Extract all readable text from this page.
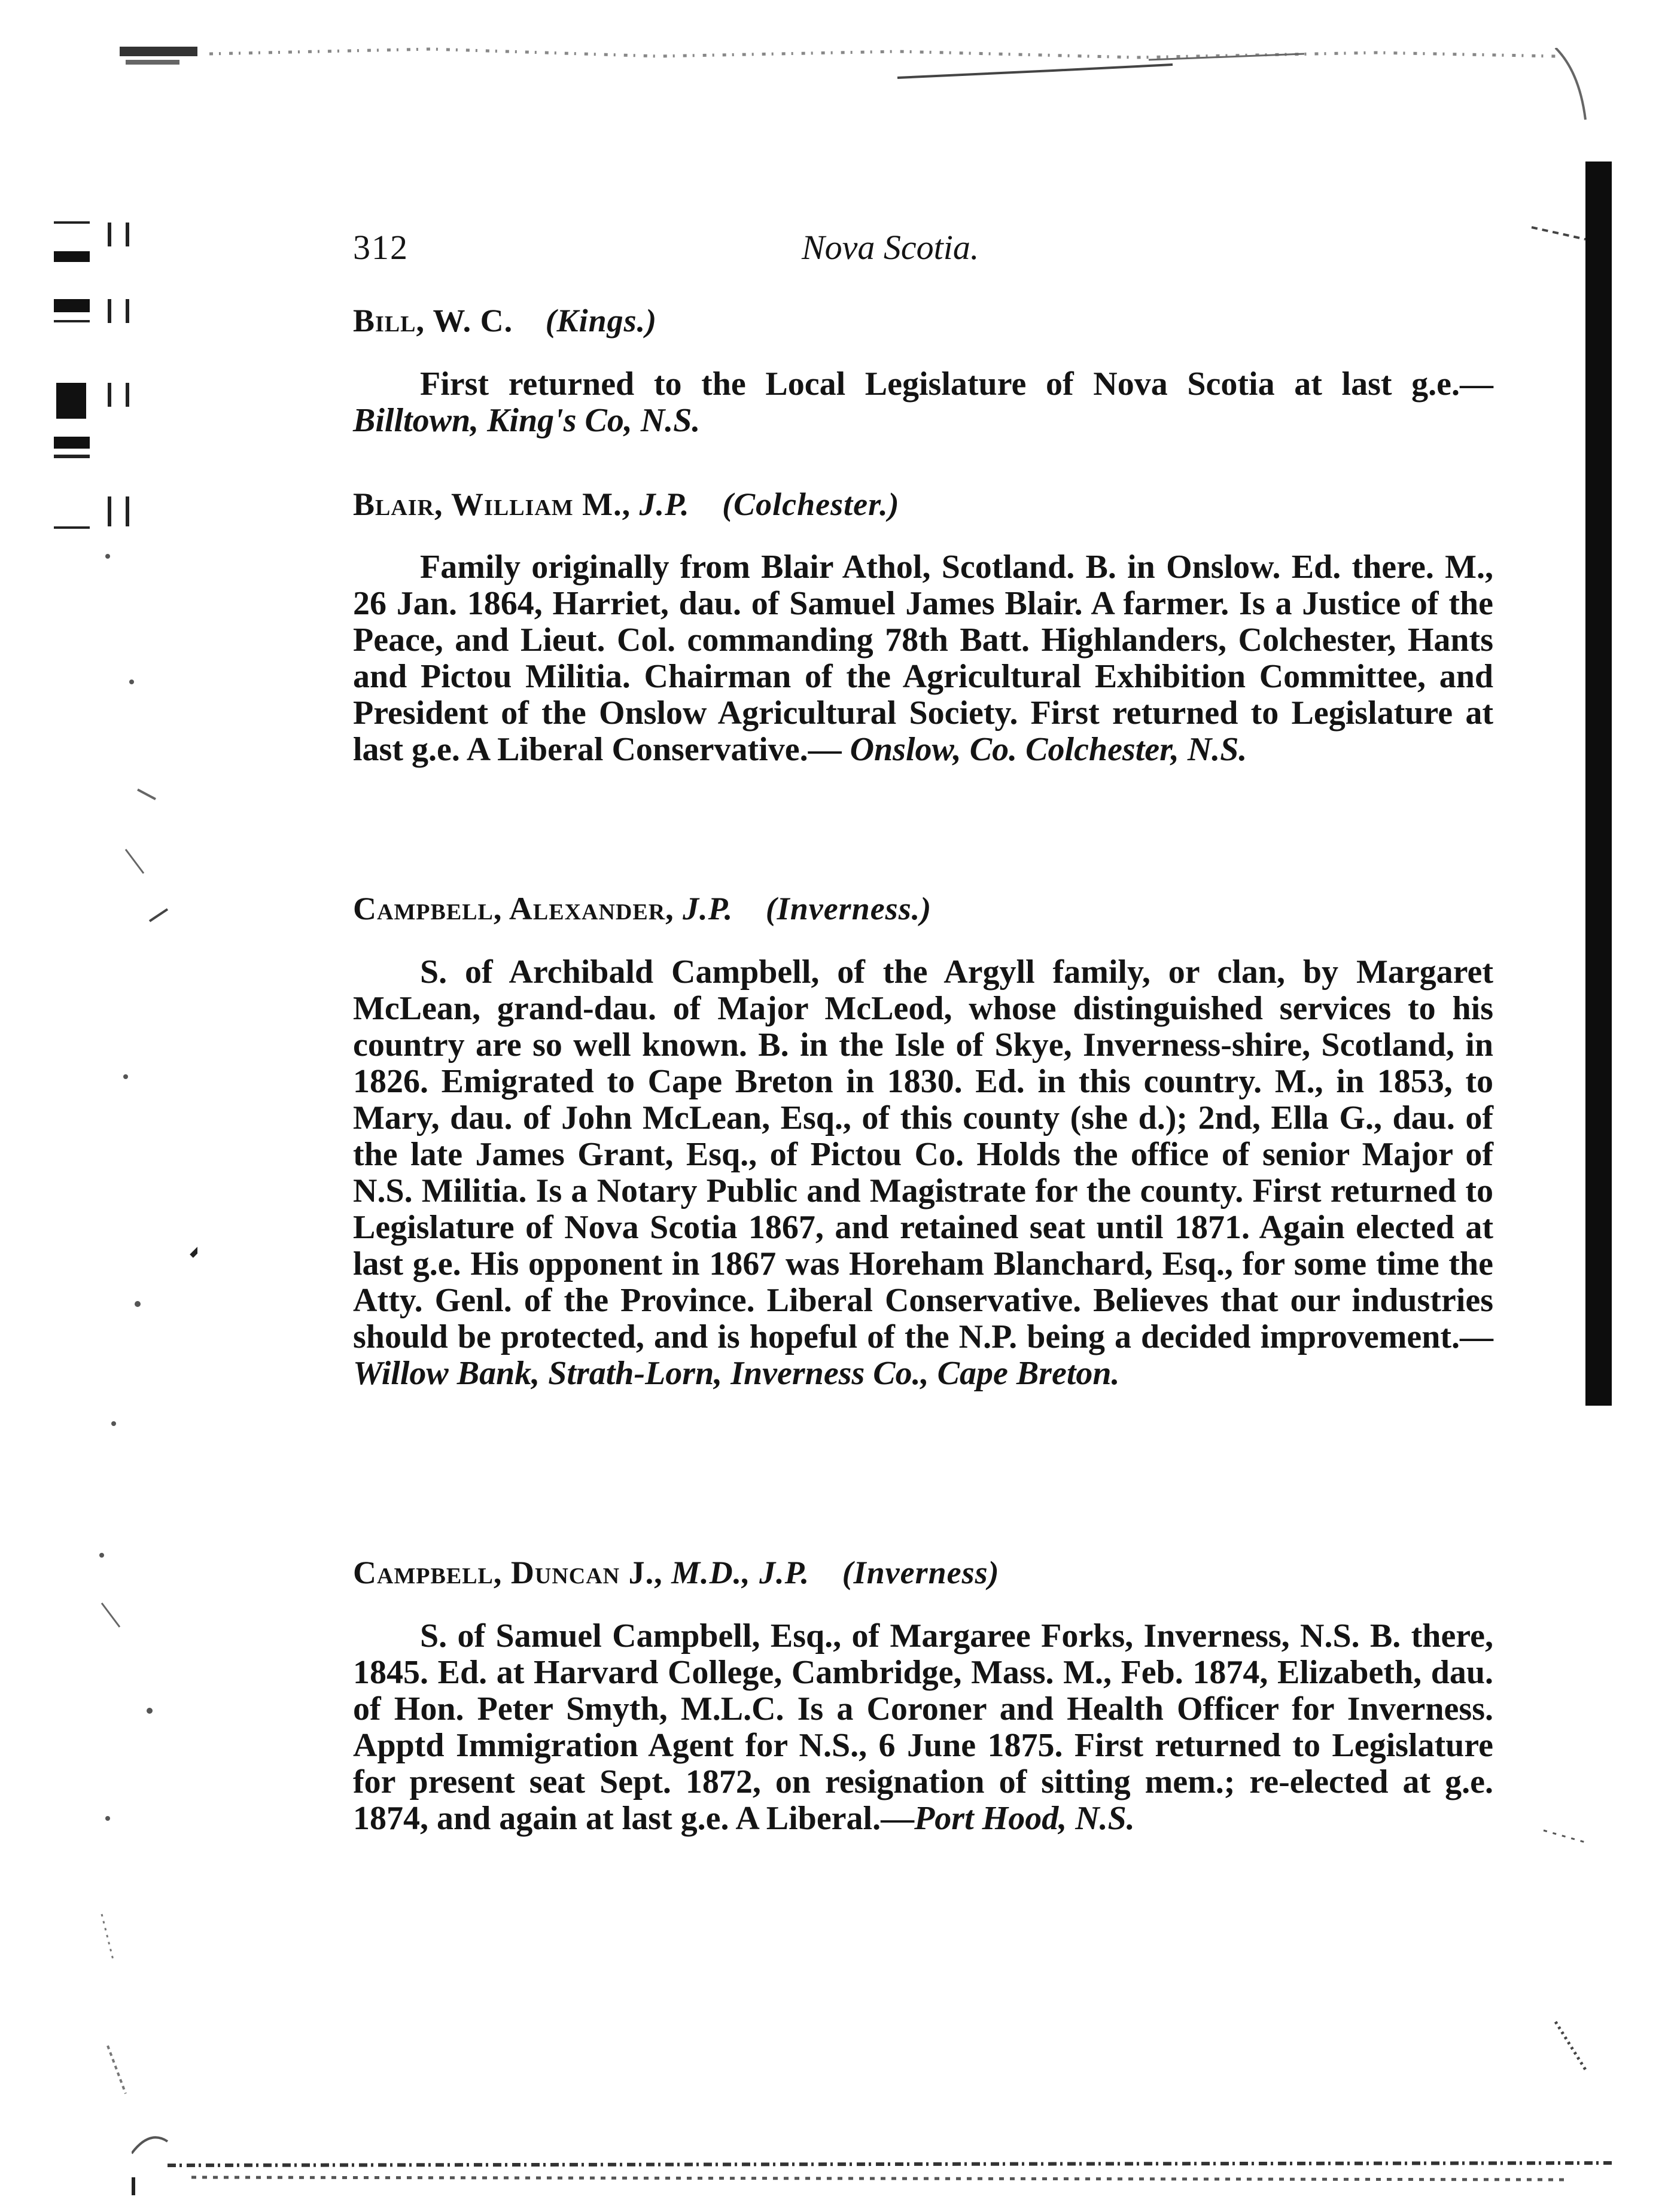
312	Nova Scotia.
Bill, W. C. (Kings.)
First returned to the Local Legislature of Nova Scotia at last g.e.—Billtown, King's Co, N.S.
Blair, William M., J.P. (Colchester.)
Family originally from Blair Athol, Scotland. B. in Onslow. Ed. there. M., 26 Jan. 1864, Harriet, dau. of Samuel James Blair. A farmer. Is a Justice of the Peace, and Lieut. Col. commanding 78th Batt. Highlanders, Colchester, Hants and Pictou Militia. Chairman of the Agricultural Exhibition Committee, and President of the Onslow Agricultural Society. First returned to Legislature at last g.e. A Liberal Conservative.— Onslow, Co. Colchester, N.S.
Campbell, Alexander, J.P. (Inverness.)
S. of Archibald Campbell, of the Argyll family, or clan, by Margaret McLean, grand-dau. of Major McLeod, whose distinguished services to his country are so well known. B. in the Isle of Skye, Inverness-shire, Scotland, in 1826. Emigrated to Cape Breton in 1830. Ed. in this country. M., in 1853, to Mary, dau. of John McLean, Esq., of this county (she d.); 2nd, Ella G., dau. of the late James Grant, Esq., of Pictou Co. Holds the office of senior Major of N.S. Militia. Is a Notary Public and Magistrate for the county. First returned to Legislature of Nova Scotia 1867, and retained seat until 1871. Again elected at last g.e. His opponent in 1867 was Horeham Blanchard, Esq., for some time the Atty. Genl. of the Province. Liberal Conservative. Believes that our industries should be protected, and is hopeful of the N.P. being a decided improvement.—Willow Bank, Strath-Lorn, Inverness Co., Cape Breton.
Campbell, Duncan J., M.D., J.P. (Inverness)
S. of Samuel Campbell, Esq., of Margaree Forks, Inverness, N.S. B. there, 1845. Ed. at Harvard College, Cambridge, Mass. M., Feb. 1874, Elizabeth, dau. of Hon. Peter Smyth, M.L.C. Is a Coroner and Health Officer for Inverness. Apptd Immigration Agent for N.S., 6 June 1875. First returned to Legislature for present seat Sept. 1872, on resignation of sitting mem.; re-elected at g.e. 1874, and again at last g.e. A Liberal.—Port Hood, N.S.
